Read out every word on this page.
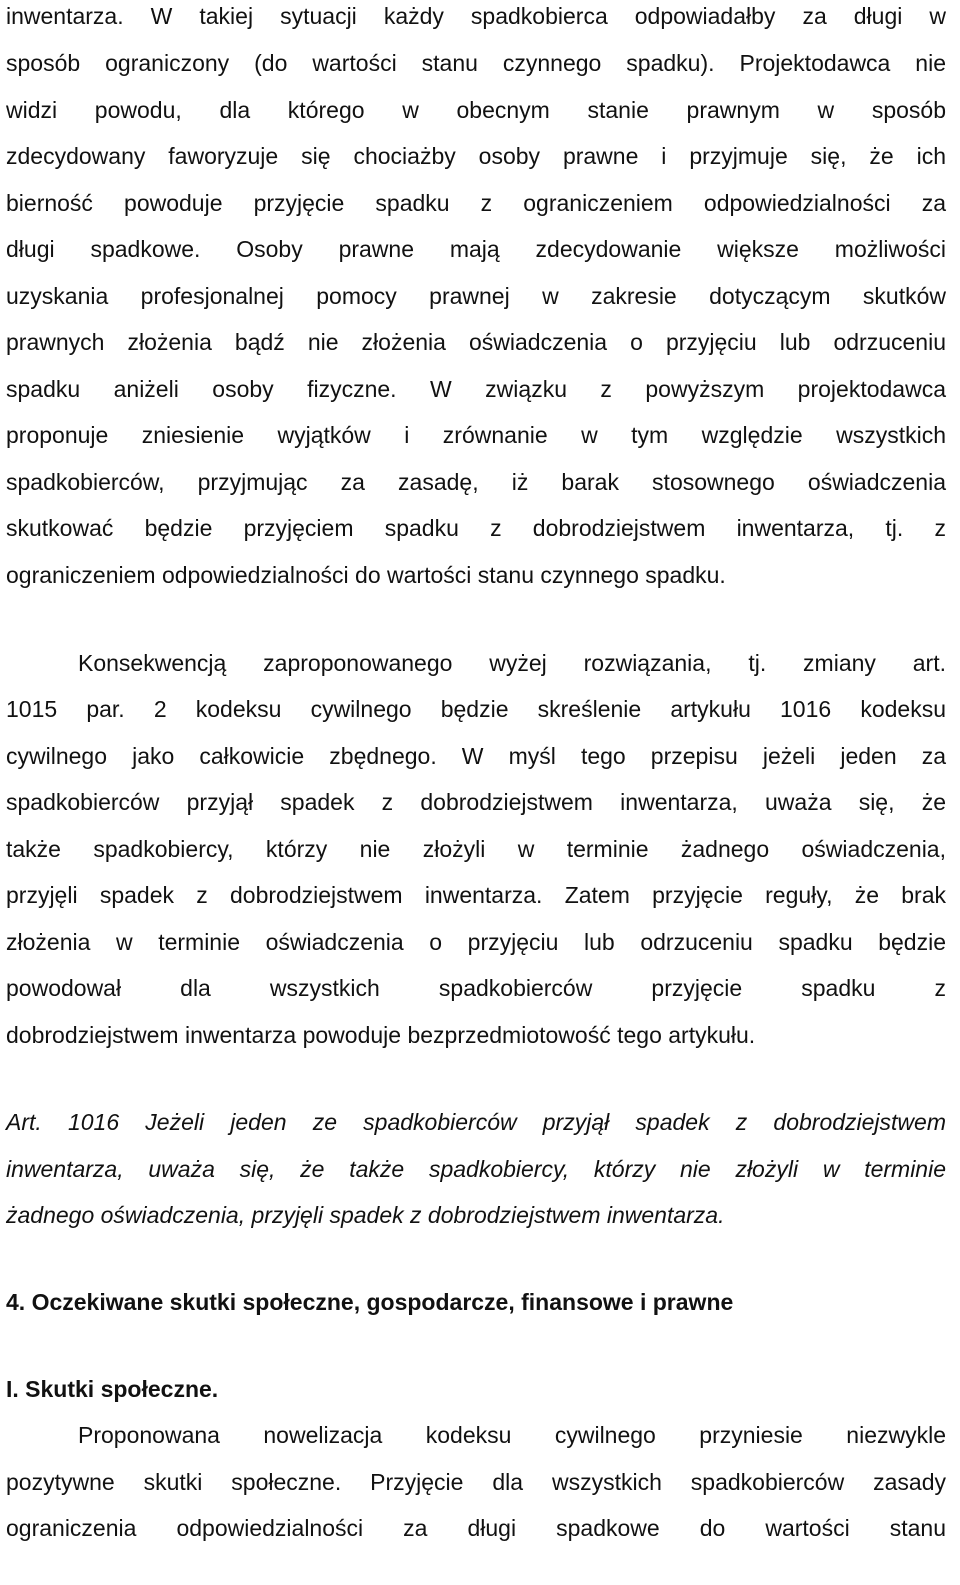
inwentarza. W takiej sytuacji każdy spadkobierca odpowiadałby za długi w
sposób ograniczony (do wartości stanu czynnego spadku). Projektodawca nie
widzi powodu, dla którego w obecnym stanie prawnym w sposób
zdecydowany faworyzuje się chociażby osoby prawne i przyjmuje się, że ich
bierność powoduje przyjęcie spadku z ograniczeniem odpowiedzialności za
długi spadkowe. Osoby prawne mają zdecydowanie większe możliwości
uzyskania profesjonalnej pomocy prawnej w zakresie dotyczącym skutków
prawnych złożenia bądź nie złożenia oświadczenia o przyjęciu lub odrzuceniu
spadku aniżeli osoby fizyczne. W związku z powyższym projektodawca
proponuje zniesienie wyjątków i zrównanie w tym względzie wszystkich
spadkobierców, przyjmując za zasadę, iż barak stosownego oświadczenia
skutkować będzie przyjęciem spadku z dobrodziejstwem inwentarza, tj. z
ograniczeniem odpowiedzialności do wartości stanu czynnego spadku.
Konsekwencją zaproponowanego wyżej rozwiązania, tj. zmiany art.
1015 par. 2 kodeksu cywilnego będzie skreślenie artykułu 1016 kodeksu
cywilnego jako całkowicie zbędnego. W myśl tego przepisu jeżeli jeden za
spadkobierców przyjął spadek z dobrodziejstwem inwentarza, uważa się, że
także spadkobiercy, którzy nie złożyli w terminie żadnego oświadczenia,
przyjęli spadek z dobrodziejstwem inwentarza. Zatem przyjęcie reguły, że brak
złożenia w terminie oświadczenia o przyjęciu lub odrzuceniu spadku będzie
powodował dla wszystkich spadkobierców przyjęcie spadku z
dobrodziejstwem inwentarza powoduje bezprzedmiotowość tego artykułu.
Art. 1016 Jeżeli jeden ze spadkobierców przyjął spadek z dobrodziejstwem
inwentarza, uważa się, że także spadkobiercy, którzy nie złożyli w terminie
żadnego oświadczenia, przyjęli spadek z dobrodziejstwem inwentarza.
4. Oczekiwane skutki społeczne, gospodarcze, finansowe i prawne
I. Skutki społeczne.
Proponowana nowelizacja kodeksu cywilnego przyniesie niezwykle
pozytywne skutki społeczne. Przyjęcie dla wszystkich spadkobierców zasady
ograniczenia odpowiedzialności za długi spadkowe do wartości stanu
